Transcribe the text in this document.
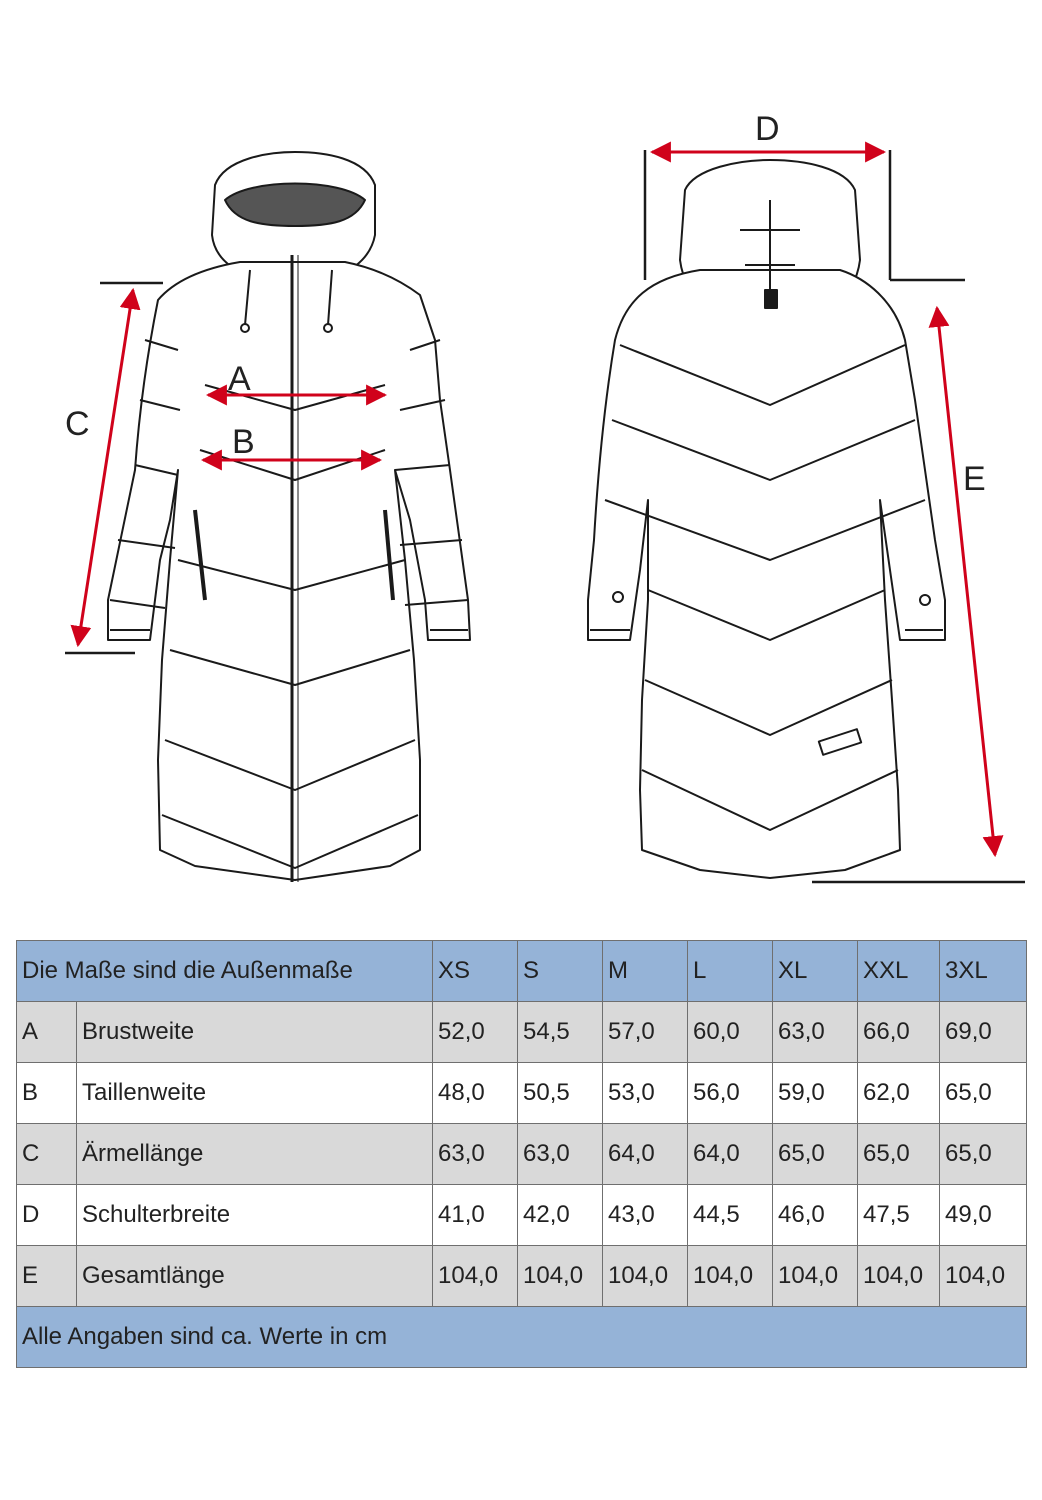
A
B
C
D
E
Die Maße sind die Außenmaße		XS	S	M	L	XL	XXL	3XL
A	Brustweite	52,0	54,5	57,0	60,0	63,0	66,0	69,0
B	Taillenweite	48,0	50,5	53,0	56,0	59,0	62,0	65,0
C	Ärmellänge	63,0	63,0	64,0	64,0	65,0	65,0	65,0
D	Schulterbreite	41,0	42,0	43,0	44,5	46,0	47,5	49,0
E	Gesamtlänge	104,0	104,0	104,0	104,0	104,0	104,0	104,0
Alle Angaben sind ca. Werte in cm								
